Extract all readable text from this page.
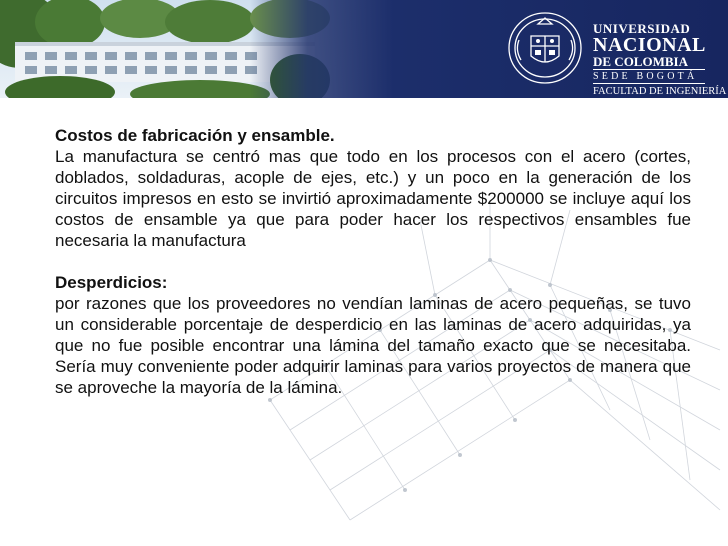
UNIVERSIDAD
NACIONAL
DE COLOMBIA
SEDE BOGOTÁ
FACULTAD DE INGENIERÍA
Costos de fabricación y ensamble.

La manufactura se centró mas que todo en los procesos con el acero (cortes, doblados, soldaduras, acople de ejes, etc.) y un poco en la generación de los circuitos impresos en esto se invirtió aproximadamente $200000 se incluye aquí los costos de ensamble ya que para poder hacer los respectivos ensambles fue necesaria la manufactura

Desperdicios:

por razones que los proveedores no vendían laminas de acero pequeñas, se tuvo un considerable porcentaje de desperdicio en las laminas de acero adquiridas, ya que no fue posible encontrar una lámina del tamaño exacto que se necesitaba. Sería muy conveniente poder adquirir laminas para varios proyectos de manera que se aproveche la mayoría de la lámina.
